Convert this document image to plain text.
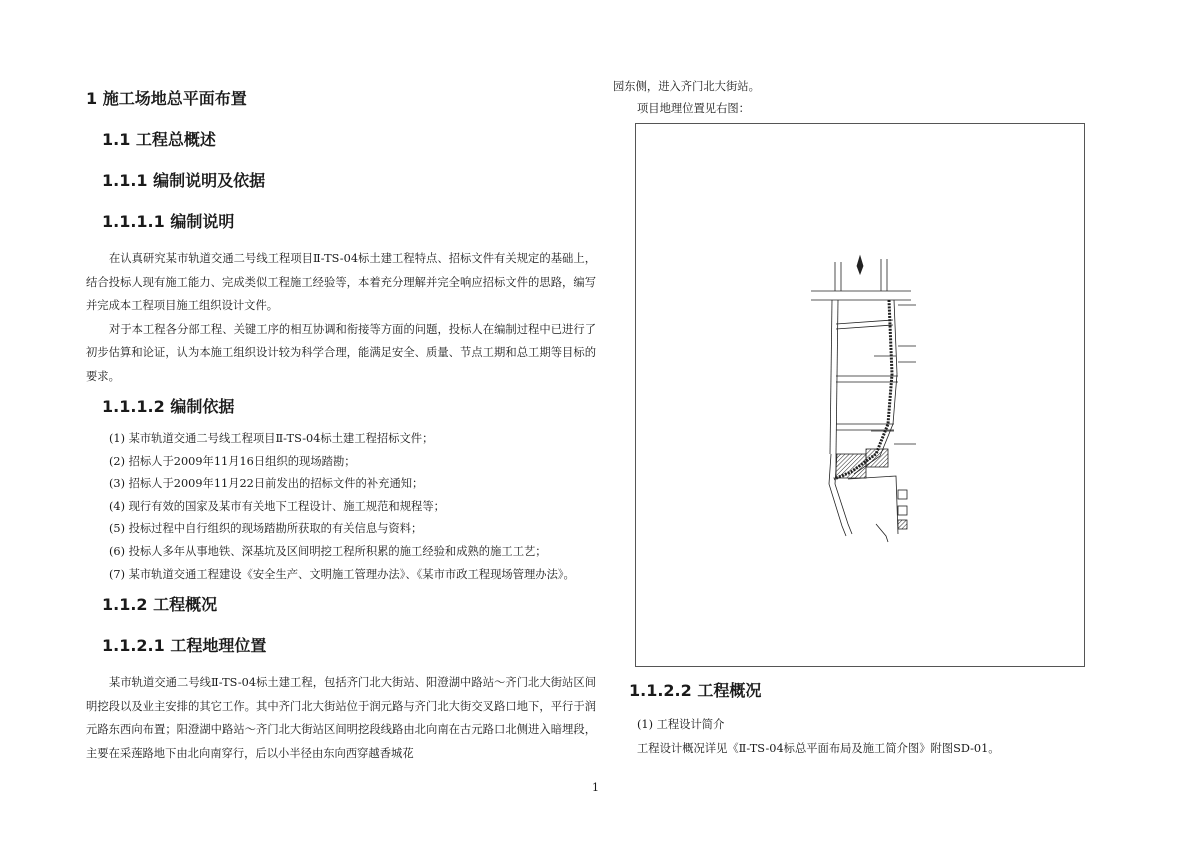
1 施工场地总平面布置
1.1 工程总概述
1.1.1 编制说明及依据
1.1.1.1 编制说明

在认真研究某市轨道交通二号线工程项目Ⅱ-TS-04标土建工程特点、招标文件有关规定的基础上，结合投标人现有施工能力、完成类似工程施工经验等，本着充分理解并完全响应招标文件的思路，编写并完成本工程项目施工组织设计文件。

对于本工程各分部工程、关键工序的相互协调和衔接等方面的问题，投标人在编制过程中已进行了初步估算和论证，认为本施工组织设计较为科学合理，能满足安全、质量、节点工期和总工期等目标的要求。

1.1.1.2 编制依据
(1) 某市轨道交通二号线工程项目Ⅱ-TS-04标土建工程招标文件；
(2) 招标人于2009年11月16日组织的现场踏勘；
(3) 招标人于2009年11月22日前发出的招标文件的补充通知；
(4) 现行有效的国家及某市有关地下工程设计、施工规范和规程等；
(5) 投标过程中自行组织的现场踏勘所获取的有关信息与资料；
(6) 投标人多年从事地铁、深基坑及区间明挖工程所积累的施工经验和成熟的施工工艺；
(7) 某市轨道交通工程建设《安全生产、文明施工管理办法》、《某市市政工程现场管理办法》。
1.1.2 工程概况
1.1.2.1 工程地理位置

某市轨道交通二号线Ⅱ-TS-04标土建工程，包括齐门北大街站、阳澄湖中路站～齐门北大街站区间明挖段以及业主安排的其它工作。其中齐门北大街站位于润元路与齐门北大街交叉路口地下，平行于润元路东西向布置；阳澄湖中路站～齐门北大街站区间明挖段线路由北向南在古元路口北侧进入暗埋段，主要在采莲路地下由北向南穿行，后以小半径由东向西穿越香城花

园东侧，进入齐门北大街站。

项目地理位置见右图：

1.1.2.2 工程概况

(1) 工程设计简介

工程设计概况详见《Ⅱ-TS-04标总平面布局及施工简介图》附图SD-01。

1
